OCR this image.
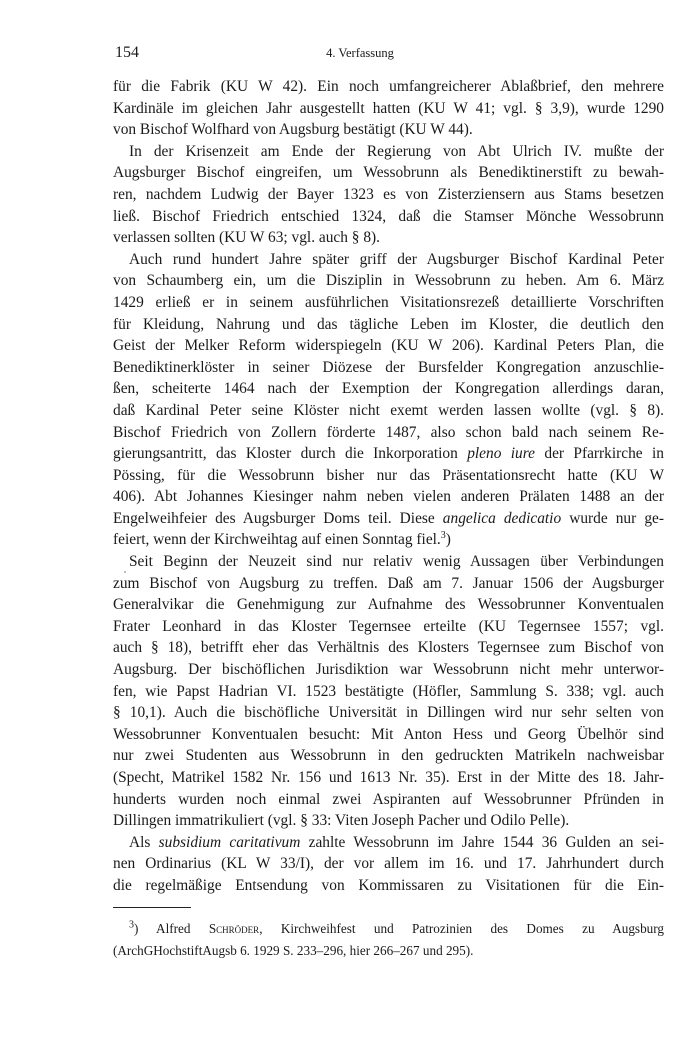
154	4. Verfassung
für die Fabrik (KU W 42). Ein noch umfangreicherer Ablaßbrief, den mehrere
Kardinäle im gleichen Jahr ausgestellt hatten (KU W 41; vgl. § 3,9), wurde 1290
von Bischof Wolfhard von Augsburg bestätigt (KU W 44).
In der Krisenzeit am Ende der Regierung von Abt Ulrich IV. mußte der
Augsburger Bischof eingreifen, um Wessobrunn als Benediktinerstift zu bewah-
ren, nachdem Ludwig der Bayer 1323 es von Zisterziensern aus Stams besetzen
ließ. Bischof Friedrich entschied 1324, daß die Stamser Mönche Wessobrunn
verlassen sollten (KU W 63; vgl. auch § 8).
Auch rund hundert Jahre später griff der Augsburger Bischof Kardinal Peter
von Schaumberg ein, um die Disziplin in Wessobrunn zu heben. Am 6. März
1429 erließ er in seinem ausführlichen Visitationsrezeß detaillierte Vorschriften
für Kleidung, Nahrung und das tägliche Leben im Kloster, die deutlich den
Geist der Melker Reform widerspiegeln (KU W 206). Kardinal Peters Plan, die
Benediktinerklöster in seiner Diözese der Bursfelder Kongregation anzuschlie-
ßen, scheiterte 1464 nach der Exemption der Kongregation allerdings daran,
daß Kardinal Peter seine Klöster nicht exemt werden lassen wollte (vgl. § 8).
Bischof Friedrich von Zollern förderte 1487, also schon bald nach seinem Re-
gierungsantritt, das Kloster durch die Inkorporation pleno iure der Pfarrkirche in
Pössing, für die Wessobrunn bisher nur das Präsentationsrecht hatte (KU W
406). Abt Johannes Kiesinger nahm neben vielen anderen Prälaten 1488 an der
Engelweihfeier des Augsburger Doms teil. Diese angelica dedicatio wurde nur ge-
feiert, wenn der Kirchweihtag auf einen Sonntag fiel.$^3$)
Seit Beginn der Neuzeit sind nur relativ wenig Aussagen über Verbindungen
zum Bischof von Augsburg zu treffen. Daß am 7. Januar 1506 der Augsburger
Generalvikar die Genehmigung zur Aufnahme des Wessobrunner Konventualen
Frater Leonhard in das Kloster Tegernsee erteilte (KU Tegernsee 1557; vgl.
auch § 18), betrifft eher das Verhältnis des Klosters Tegernsee zum Bischof von
Augsburg. Der bischöflichen Jurisdiktion war Wessobrunn nicht mehr unterwor-
fen, wie Papst Hadrian VI. 1523 bestätigte (Höfler, Sammlung S. 338; vgl. auch
§ 10,1). Auch die bischöfliche Universität in Dillingen wird nur sehr selten von
Wessobrunner Konventualen besucht: Mit Anton Hess und Georg Übelhör sind
nur zwei Studenten aus Wessobrunn in den gedruckten Matrikeln nachweisbar
(Specht, Matrikel 1582 Nr. 156 und 1613 Nr. 35). Erst in der Mitte des 18. Jahr-
hunderts wurden noch einmal zwei Aspiranten auf Wessobrunner Pfründen in
Dillingen immatrikuliert (vgl. § 33: Viten Joseph Pacher und Odilo Pelle).
Als subsidium caritativum zahlte Wessobrunn im Jahre 1544 36 Gulden an sei-
nen Ordinarius (KL W 33/I), der vor allem im 16. und 17. Jahrhundert durch
die regelmäßige Entsendung von Kommissaren zu Visitationen für die Ein-
$^3$) Alfred Schröder, Kirchweihfest und Patrozinien des Domes zu Augsburg
(ArchGHochstiftAugsb 6. 1929 S. 233–296, hier 266–267 und 295).
